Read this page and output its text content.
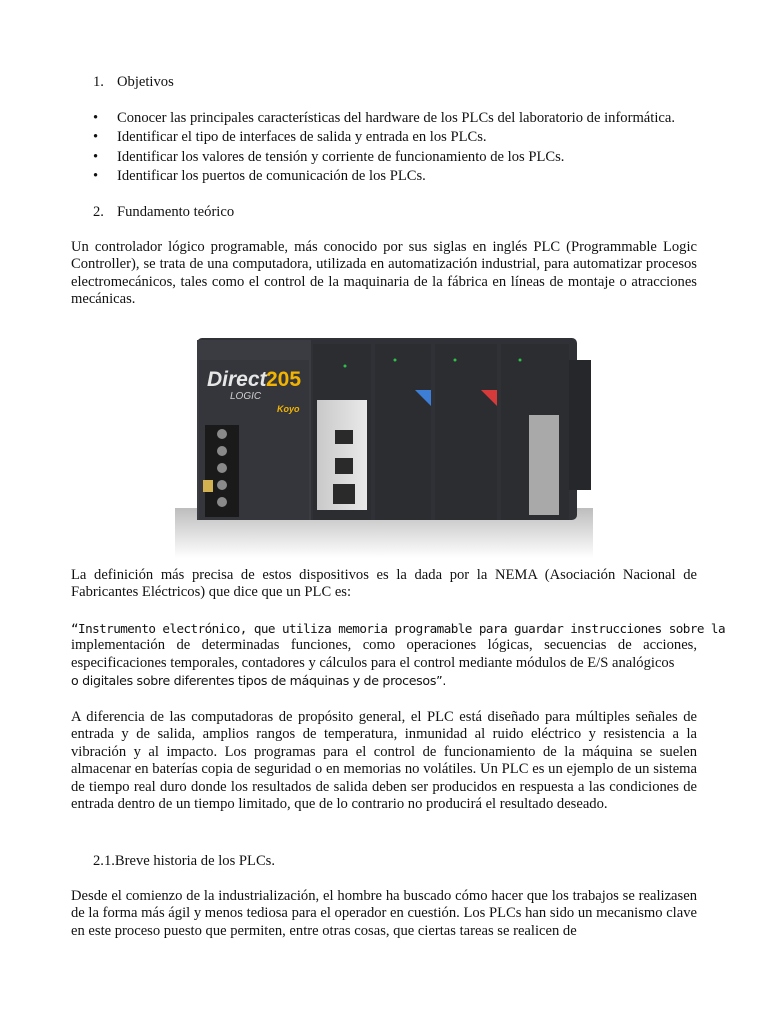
1. Objetivos
• Conocer las principales características del hardware de los PLCs del laboratorio de informática.
• Identificar el tipo de interfaces de salida y entrada en los PLCs.
• Identificar los valores de tensión y corriente de funcionamiento de los PLCs.
• Identificar los puertos de comunicación de los PLCs.
2. Fundamento teórico
Un controlador lógico programable, más conocido por sus siglas en inglés PLC (Programmable Logic Controller), se trata de una computadora, utilizada en automatización industrial, para automatizar procesos electromecánicos, tales como el control de la maquinaria de la fábrica en líneas de montaje o atracciones mecánicas.
Direct 205
LOGIC
Koyo
La definición más precisa de estos dispositivos es la dada por la NEMA (Asociación Nacional de Fabricantes Eléctricos) que dice que un PLC es:
“Instrumento electrónico, que utiliza memoria programable para guardar instrucciones sobre la
implementación de determinadas funciones, como operaciones lógicas, secuencias de acciones,
especificaciones temporales, contadores y cálculos para el control mediante módulos de E/S analógicos
o digitales sobre diferentes tipos de máquinas y de procesos”.
A diferencia de las computadoras de propósito general, el PLC está diseñado para múltiples señales de entrada y de salida, amplios rangos de temperatura, inmunidad al ruido eléctrico y resistencia a la vibración y al impacto. Los programas para el control de funcionamiento de la máquina se suelen almacenar en baterías copia de seguridad o en memorias no volátiles. Un PLC es un ejemplo de un sistema de tiempo real duro donde los resultados de salida deben ser producidos en respuesta a las condiciones de entrada dentro de un tiempo limitado, que de lo contrario no producirá el resultado deseado.
2.1.Breve historia de los PLCs.
Desde el comienzo de la industrialización, el hombre ha buscado cómo hacer que los trabajos se realizasen de la forma más ágil y menos tediosa para el operador en cuestión. Los PLCs han sido un mecanismo clave en este proceso puesto que permiten, entre otras cosas, que ciertas tareas se realicen de
